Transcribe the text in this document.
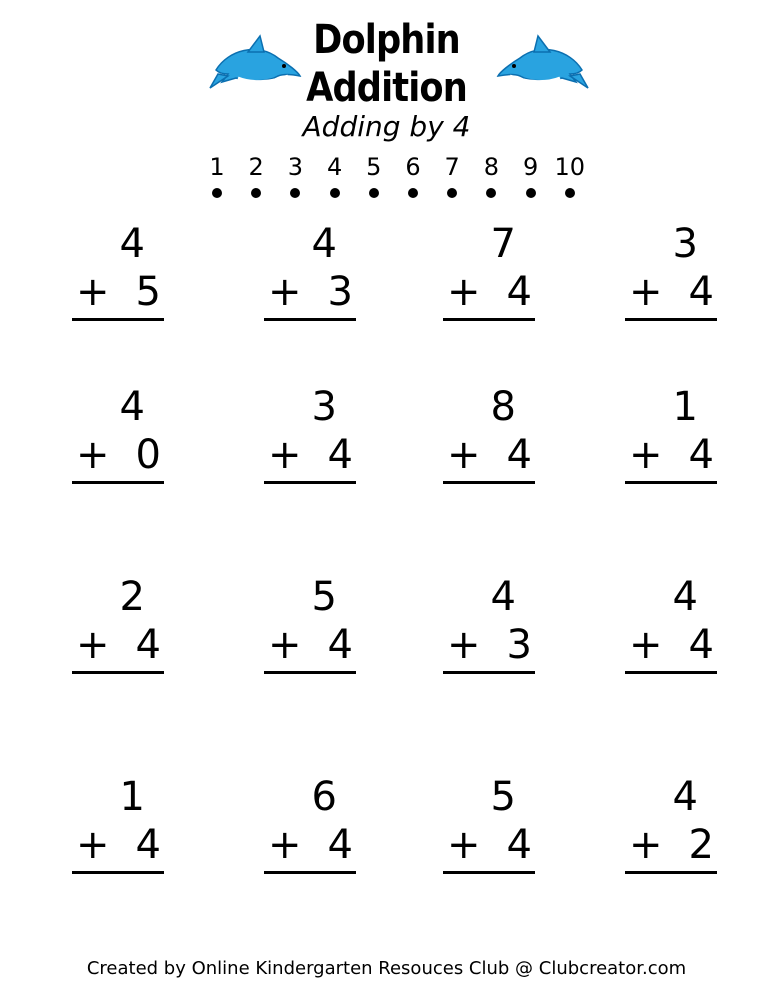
Dolphin
Addition
Adding by 4
1 2 3 4 5 6 7 8 9 10
4
+ 5
4
+ 3
7
+ 4
3
+ 4
4
+ 0
3
+ 4
8
+ 4
1
+ 4
2
+ 4
5
+ 4
4
+ 3
4
+ 4
1
+ 4
6
+ 4
5
+ 4
4
+ 2
Created by Online Kindergarten Resouces Club @ Clubcreator.com
